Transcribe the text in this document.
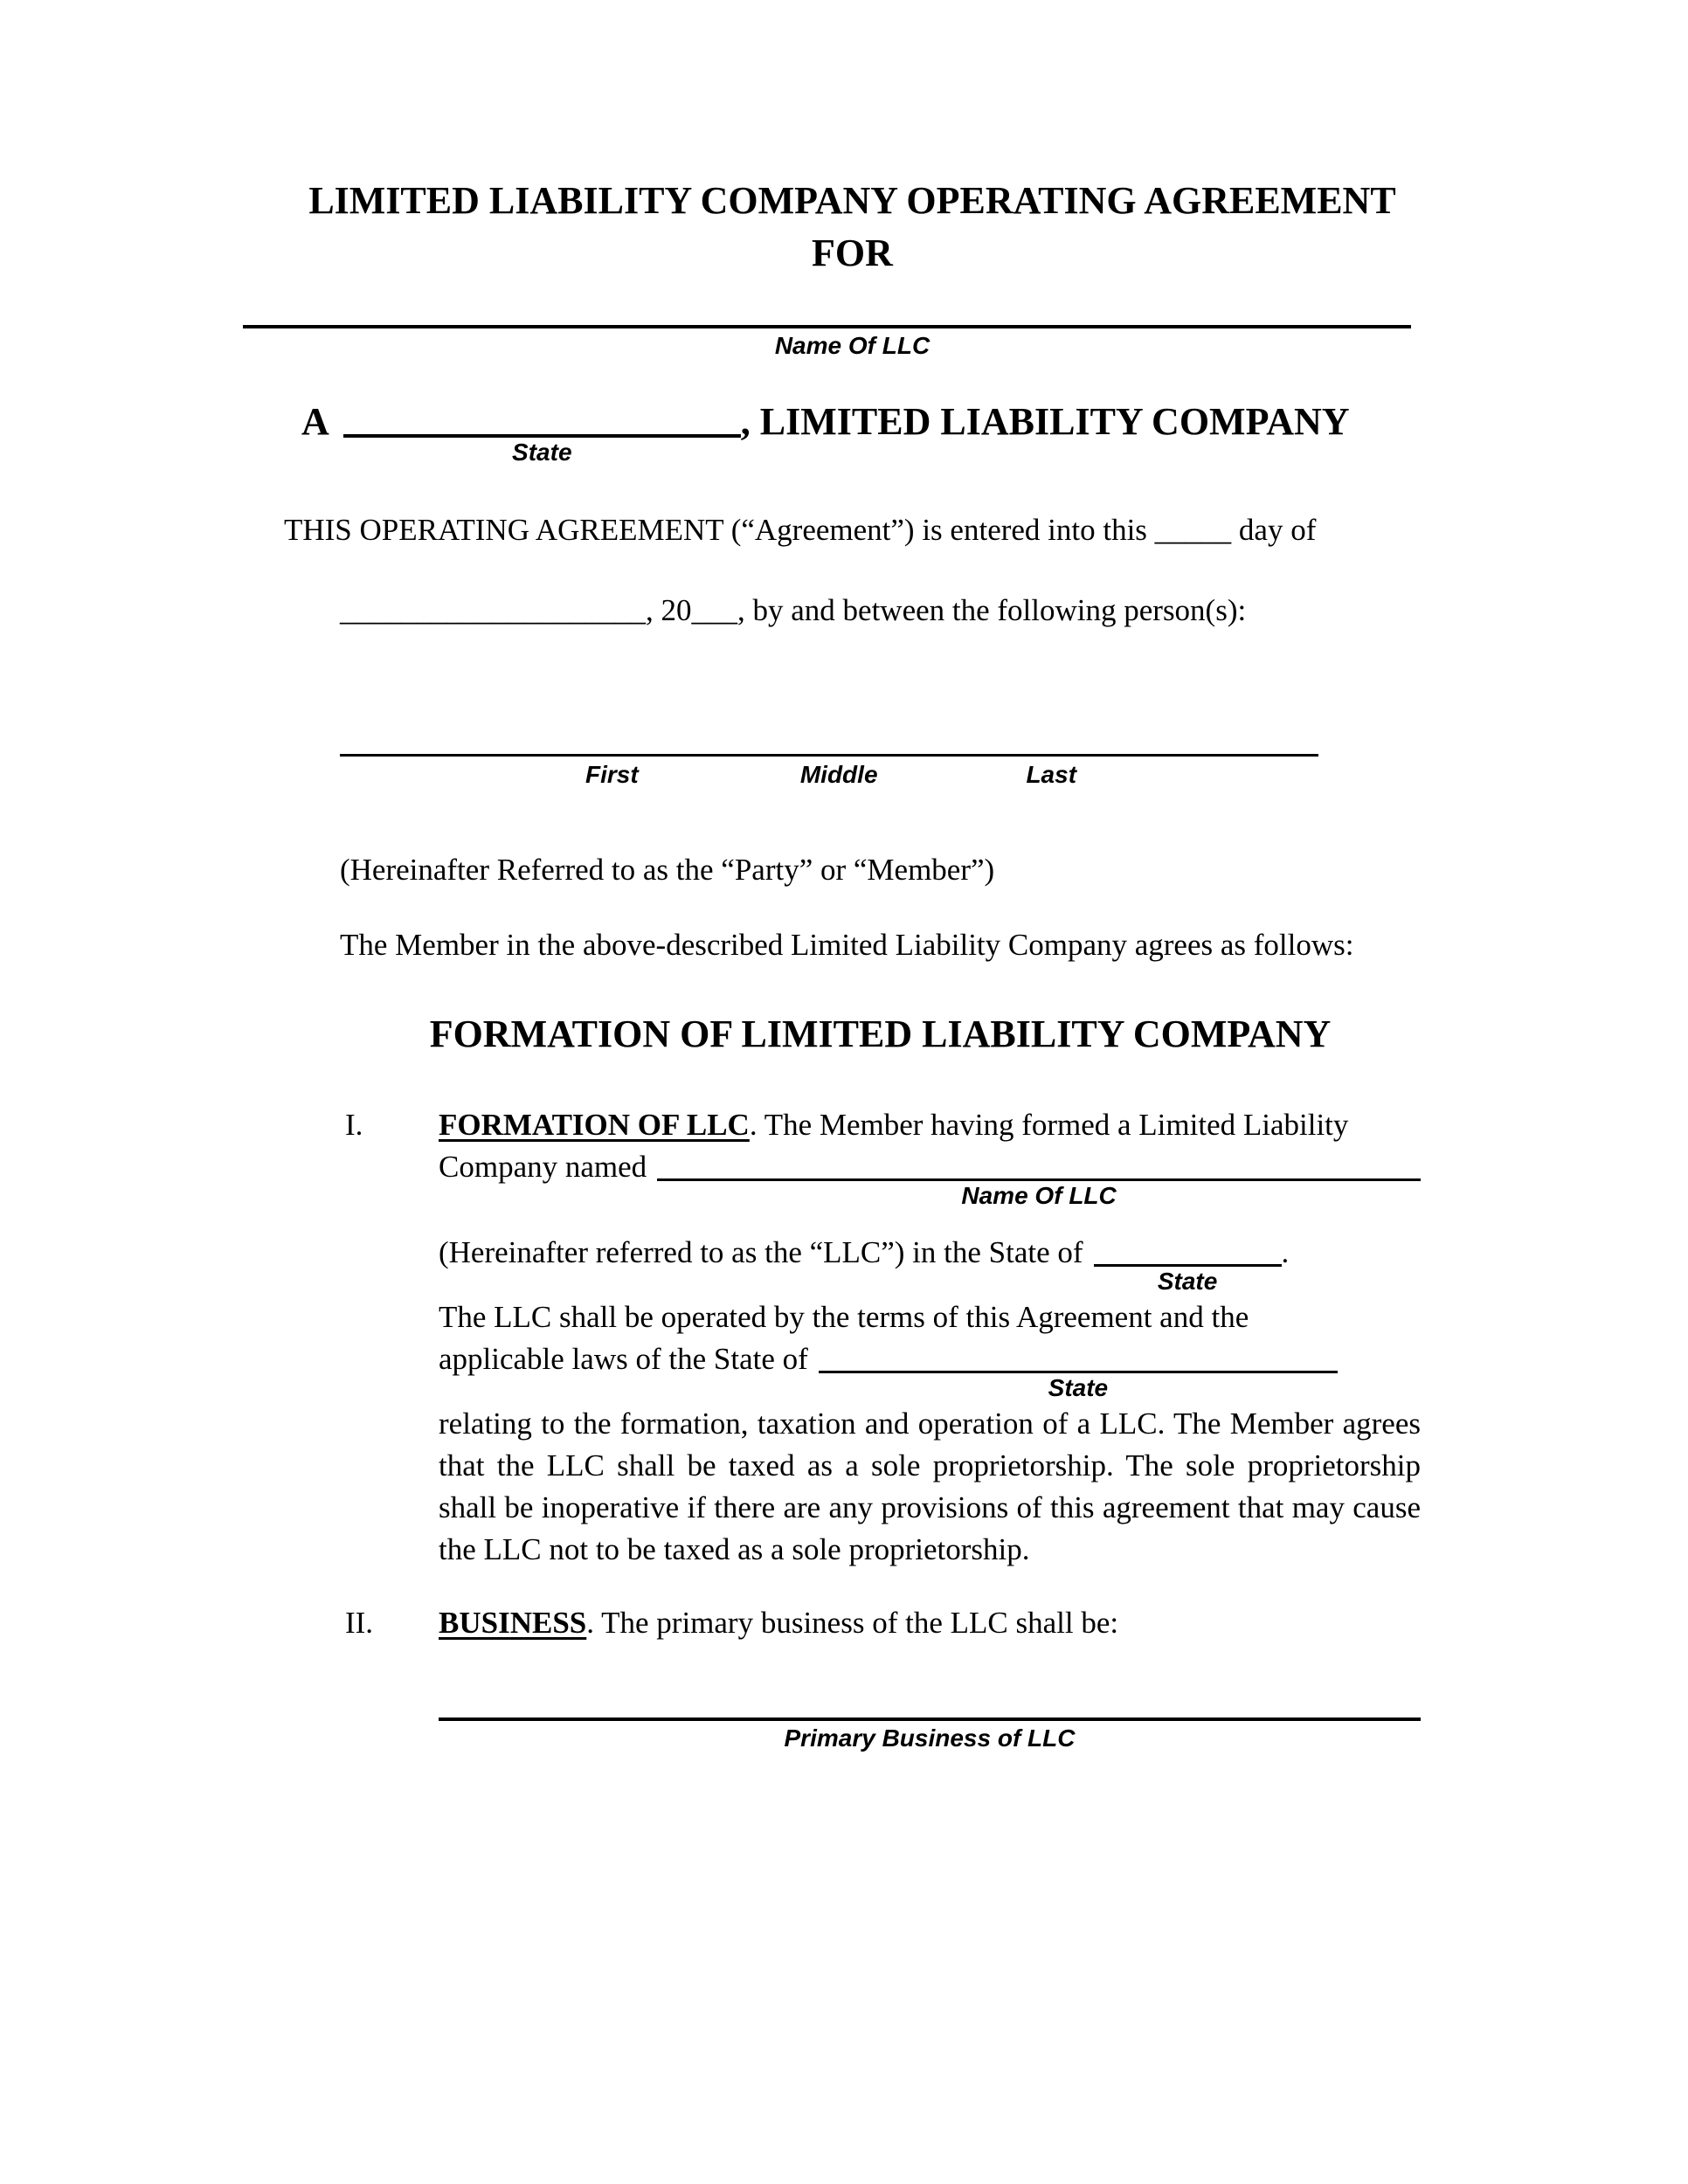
LIMITED LIABILITY COMPANY OPERATING AGREEMENT
FOR
Name Of LLC
A
State
, LIMITED LIABILITY COMPANY

THIS OPERATING AGREEMENT (“Agreement”) is entered into this _____ day of

____________________, 20___, by and between the following person(s):

First	Middle	Last

(Hereinafter Referred to as the “Party” or “Member”)

The Member in the above-described Limited Liability Company agrees as follows:

FORMATION OF LIMITED LIABILITY COMPANY
I.	FORMATION OF LLC. The Member having formed a Limited Liability
Company named
Name Of LLC
(Hereinafter referred to as the “LLC”) in the State of
State
.
The LLC shall be operated by the terms of this Agreement and the
applicable laws of the State of
State

relating to the formation, taxation and operation of a LLC. The Member agrees that the LLC shall be taxed as a sole proprietorship. The sole proprietorship shall be inoperative if there are any provisions of this agreement that may cause the LLC not to be taxed as a sole proprietorship.

II.	BUSINESS. The primary business of the LLC shall be:
Primary Business of LLC
